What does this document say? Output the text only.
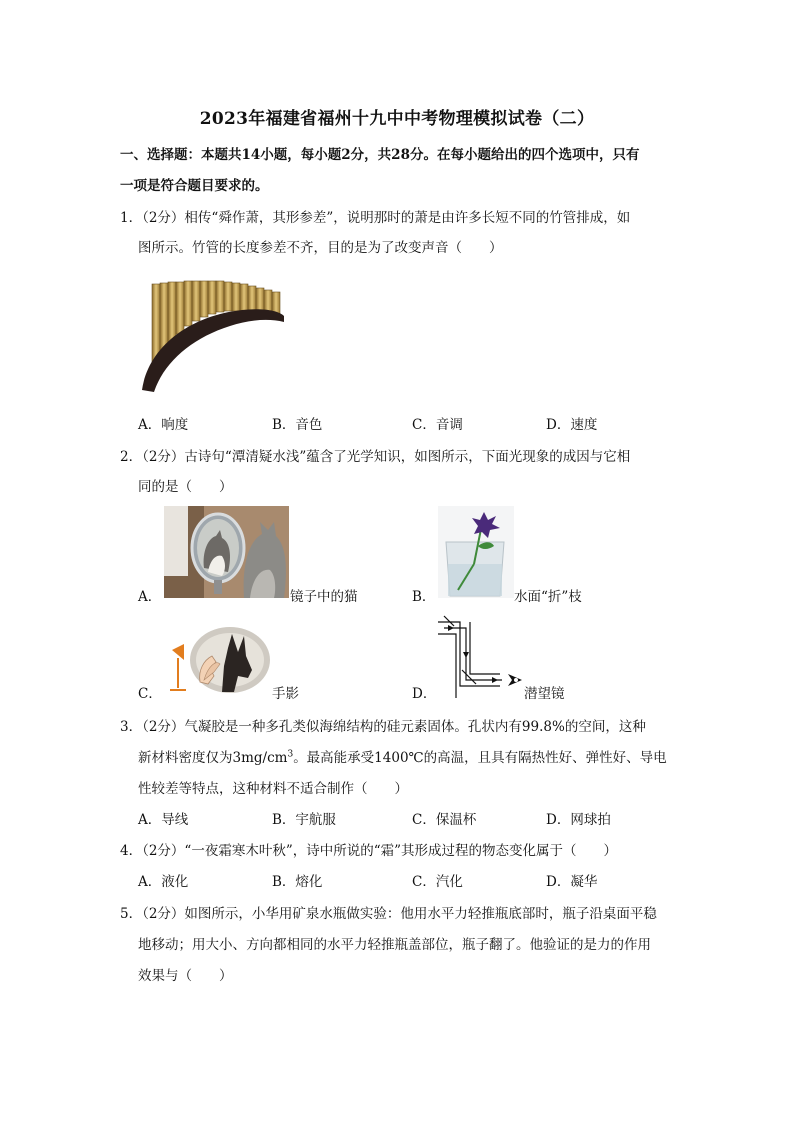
2023年福建省福州十九中中考物理模拟试卷（二）
一、选择题：本题共14小题，每小题2分，共28分。在每小题给出的四个选项中，只有
一项是符合题目要求的。
1．（2分）相传“舜作萧，其形参差”，说明那时的萧是由许多长短不同的竹管排成，如
图所示。竹管的长度参差不齐，目的是为了改变声音（　　）
A．响度	B．音色	C．音调	D．速度
2．（2分）古诗句“潭清疑水浅”蕴含了光学知识，如图所示，下面光现象的成因与它相
同的是（　　）
A．	镜子中的猫	B．	水面“折”枝
C．	手影	D．	潜望镜
3．（2分）气凝胶是一种多孔类似海绵结构的硅元素固体。孔状内有99.8%的空间，这种
新材料密度仅为$3mg/cm^3$。最高能承受1400℃的高温，且具有隔热性好、弹性好、导电
性较差等特点，这种材料不适合制作（　　）
A．导线	B．宇航服	C．保温杯	D．网球拍
4．（2分）“一夜霜寒木叶秋”，诗中所说的“霜”其形成过程的物态变化属于（　　）
A．液化	B．熔化	C．汽化	D．凝华
5．（2分）如图所示，小华用矿泉水瓶做实验：他用水平力轻推瓶底部时，瓶子沿桌面平稳
地移动；用大小、方向都相同的水平力轻推瓶盖部位，瓶子翻了。他验证的是力的作用
效果与（　　）
